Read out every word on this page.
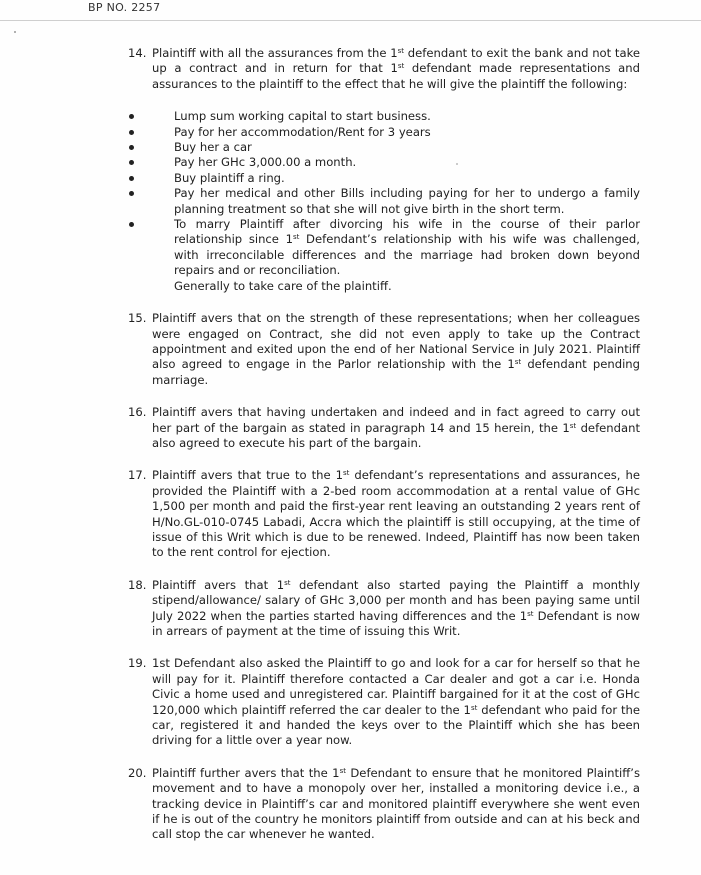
BP NO. 2257

14. Plaintiff with all the assurances from the 1st defendant to exit the bank and not take up a contract and in return for that 1st defendant made representations and assurances to the plaintiff to the effect that he will give the plaintiff the following:

Lump sum working capital to start business.
Pay for her accommodation/Rent for 3 years
Buy her a car
Pay her GHc 3,000.00 a month.
Buy plaintiff a ring.
Pay her medical and other Bills including paying for her to undergo a family planning treatment so that she will not give birth in the short term.
To marry Plaintiff after divorcing his wife in the course of their parlor relationship since 1st Defendant’s relationship with his wife was challenged, with irreconcilable differences and the marriage had broken down beyond repairs and or reconciliation.
Generally to take care of the plaintiff.

15. Plaintiff avers that on the strength of these representations; when her colleagues were engaged on Contract, she did not even apply to take up the Contract appointment and exited upon the end of her National Service in July 2021. Plaintiff also agreed to engage in the Parlor relationship with the 1st defendant pending marriage.

16. Plaintiff avers that having undertaken and indeed and in fact agreed to carry out her part of the bargain as stated in paragraph 14 and 15 herein, the 1st defendant also agreed to execute his part of the bargain.

17. Plaintiff avers that true to the 1st defendant’s representations and assurances, he provided the Plaintiff with a 2-bed room accommodation at a rental value of GHc 1,500 per month and paid the first-year rent leaving an outstanding 2 years rent of H/No.GL-010-0745 Labadi, Accra which the plaintiff is still occupying, at the time of issue of this Writ which is due to be renewed. Indeed, Plaintiff has now been taken to the rent control for ejection.

18. Plaintiff avers that 1st defendant also started paying the Plaintiff a monthly stipend/allowance/ salary of GHc 3,000 per month and has been paying same until July 2022 when the parties started having differences and the 1st Defendant is now in arrears of payment at the time of issuing this Writ.

19. 1st Defendant also asked the Plaintiff to go and look for a car for herself so that he will pay for it. Plaintiff therefore contacted a Car dealer and got a car i.e. Honda Civic a home used and unregistered car. Plaintiff bargained for it at the cost of GHc 120,000 which plaintiff referred the car dealer to the 1st defendant who paid for the car, registered it and handed the keys over to the Plaintiff which she has been driving for a little over a year now.

20. Plaintiff further avers that the 1st Defendant to ensure that he monitored Plaintiff’s movement and to have a monopoly over her, installed a monitoring device i.e., a tracking device in Plaintiff’s car and monitored plaintiff everywhere she went even if he is out of the country he monitors plaintiff from outside and can at his beck and call stop the car whenever he wanted.
